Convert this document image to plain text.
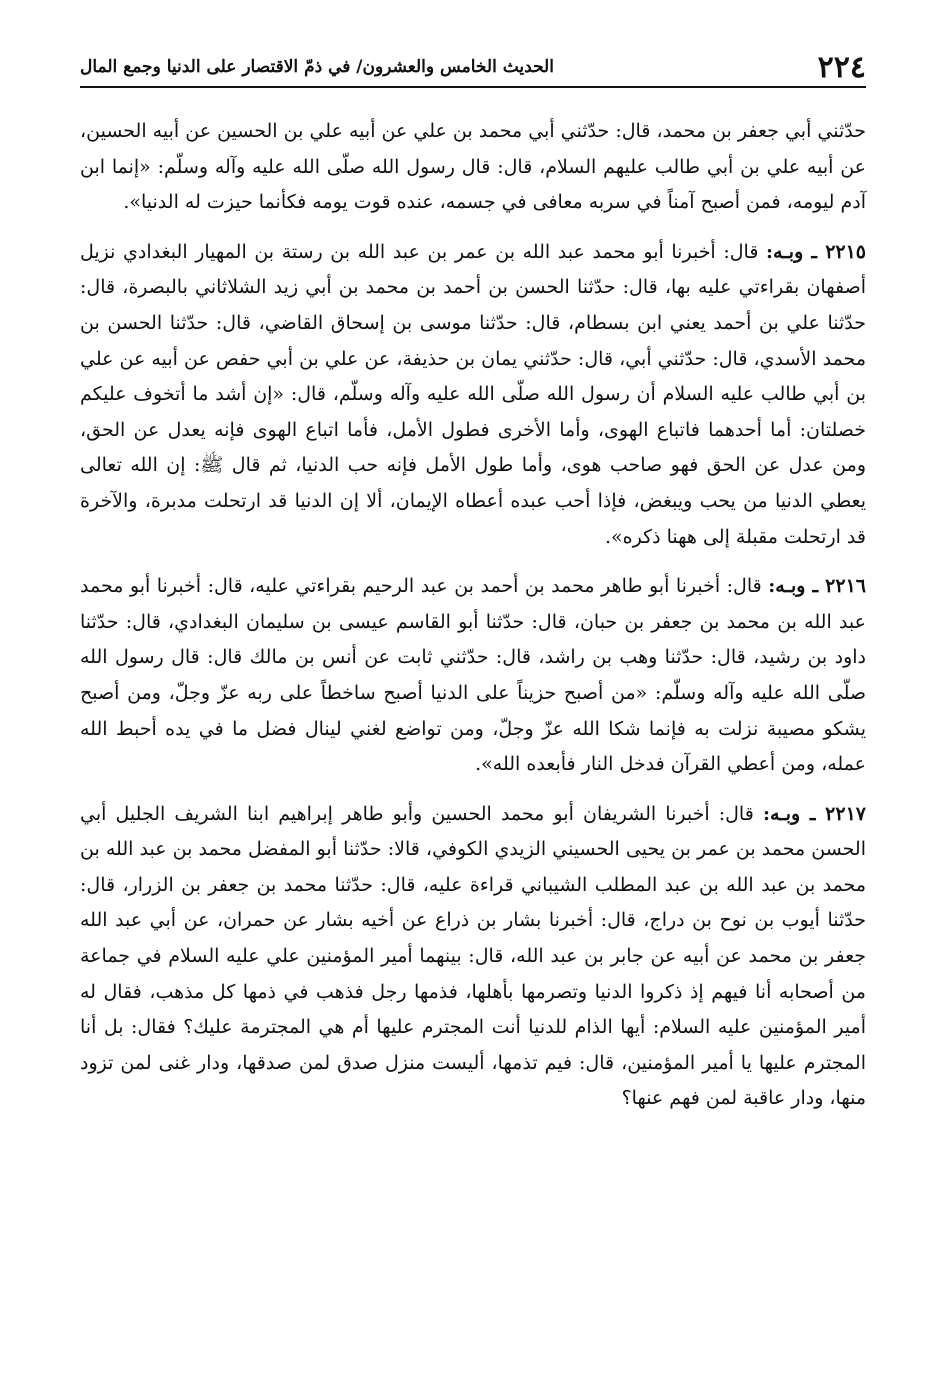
٢٢٤
الحديث الخامس والعشرون/ في ذمّ الاقتصار على الدنيا وجمع المال

حدّثني أبي جعفر بن محمد، قال: حدّثني أبي محمد بن علي عن أبيه علي بن الحسين عن أبيه الحسين، عن أبيه علي بن أبي طالب عليهم السلام، قال: قال رسول الله صلّى الله عليه وآله وسلّم: «إنما ابن آدم ليومه، فمن أصبح آمناً في سربه معافى في جسمه، عنده قوت يومه فكأنما حيزت له الدنيا».

٢٢١٥ ـ وبـه: قال: أخبرنا أبو محمد عبد الله بن عمر بن عبد الله بن رستة بن المهيار البغدادي نزيل أصفهان بقراءتي عليه بها، قال: حدّثنا الحسن بن أحمد بن محمد بن أبي زيد الشلاثاني بالبصرة، قال: حدّثنا علي بن أحمد يعني ابن بسطام، قال: حدّثنا موسى بن إسحاق القاضي، قال: حدّثنا الحسن بن محمد الأسدي، قال: حدّثني أبي، قال: حدّثني يمان بن حذيفة، عن علي بن أبي حفص عن أبيه عن علي بن أبي طالب عليه السلام أن رسول الله صلّى الله عليه وآله وسلّم، قال: «إن أشد ما أتخوف عليكم خصلتان: أما أحدهما فاتباع الهوى، وأما الأخرى فطول الأمل، فأما اتباع الهوى فإنه يعدل عن الحق، ومن عدل عن الحق فهو صاحب هوى، وأما طول الأمل فإنه حب الدنيا، ثم قال ﷺ: إن الله تعالى يعطي الدنيا من يحب ويبغض، فإذا أحب عبده أعطاه الإيمان، ألا إن الدنيا قد ارتحلت مدبرة، والآخرة قد ارتحلت مقبلة إلى ههنا ذكره».

٢٢١٦ ـ وبـه: قال: أخبرنا أبو طاهر محمد بن أحمد بن عبد الرحيم بقراءتي عليه، قال: أخبرنا أبو محمد عبد الله بن محمد بن جعفر بن حبان، قال: حدّثنا أبو القاسم عيسى بن سليمان البغدادي، قال: حدّثنا داود بن رشيد، قال: حدّثنا وهب بن راشد، قال: حدّثني ثابت عن أنس بن مالك قال: قال رسول الله صلّى الله عليه وآله وسلّم: «من أصبح حزيناً على الدنيا أصبح ساخطاً على ربه عزّ وجلّ، ومن أصبح يشكو مصيبة نزلت به فإنما شكا الله عزّ وجلّ، ومن تواضع لغني لينال فضل ما في يده أحبط الله عمله، ومن أعطي القرآن فدخل النار فأبعده الله».

٢٢١٧ ـ وبـه: قال: أخبرنا الشريفان أبو محمد الحسين وأبو طاهر إبراهيم ابنا الشريف الجليل أبي الحسن محمد بن عمر بن يحيى الحسيني الزيدي الكوفي، قالا: حدّثنا أبو المفضل محمد بن عبد الله بن محمد بن عبد الله بن عبد المطلب الشيباني قراءة عليه، قال: حدّثنا محمد بن جعفر بن الزرار، قال: حدّثنا أيوب بن نوح بن دراج، قال: أخبرنا بشار بن ذراع عن أخيه بشار عن حمران، عن أبي عبد الله جعفر بن محمد عن أبيه عن جابر بن عبد الله، قال: بينهما أمير المؤمنين علي عليه السلام في جماعة من أصحابه أنا فيهم إذ ذكروا الدنيا وتصرمها بأهلها، فذمها رجل فذهب في ذمها كل مذهب، فقال له أمير المؤمنين عليه السلام: أيها الذام للدنيا أنت المجترم عليها أم هي المجترمة عليك؟ فقال: بل أنا المجترم عليها يا أمير المؤمنين، قال: فيم تذمها، أليست منزل صدق لمن صدقها، ودار غنى لمن تزود منها، ودار عاقبة لمن فهم عنها؟
